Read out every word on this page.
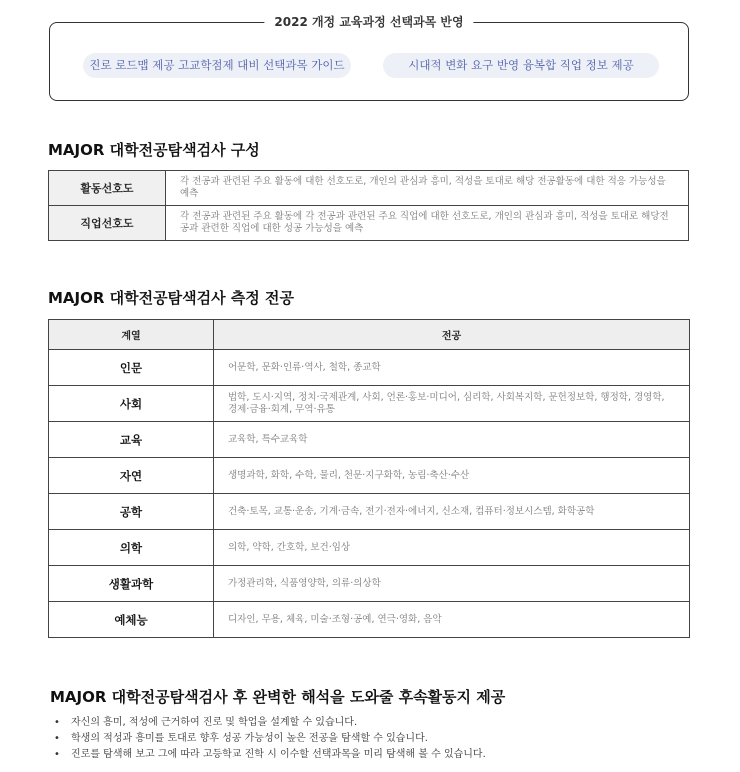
2022 개정 교육과정 선택과목 반영
진로 로드맵 제공 고교학점제 대비 선택과목 가이드	시대적 변화 요구 반영 융복합 직업 정보 제공
MAJOR 대학전공탐색검사 구성
활동선호도	각 전공과 관련된 주요 활동에 대한 선호도로, 개인의 관심과 흥미, 적성을 토대로 해당 전공활동에 대한 적응 가능성을 예측
직업선호도	각 전공과 관련된 주요 활동에 각 전공과 관련된 주요 직업에 대한 선호도로, 개인의 관심과 흥미, 적성을 토대로 해당전공과 관련한 직업에 대한 성공 가능성을 예측
MAJOR 대학전공탐색검사 측정 전공
계열	전공
인문	어문학, 문화·인류·역사, 철학, 종교학
사회	법학, 도시·지역, 정치·국제관계, 사회, 언론·홍보·미디어, 심리학, 사회복지학, 문헌정보학, 행정학, 경영학, 경제·금융·회계, 무역·유통
교육	교육학, 특수교육학
자연	생명과학, 화학, 수학, 물리, 천문·지구화학, 농림·축산·수산
공학	건축·토목, 교통·운송, 기계·금속, 전기·전자·에너지, 신소재, 컴퓨터·정보시스템, 화학공학
의학	의학, 약학, 간호학, 보건·임상
생활과학	가정관리학, 식품영양학, 의류·의상학
예체능	디자인, 무용, 체육, 미술·조형·공예, 연극·영화, 음악
MAJOR 대학전공탐색검사 후 완벽한 해석을 도와줄 후속활동지 제공
• 자신의 흥미, 적성에 근거하여 진로 및 학업을 설계할 수 있습니다.
• 학생의 적성과 흥미를 토대로 향후 성공 가능성이 높은 전공을 탐색할 수 있습니다.
• 진로를 탐색해 보고 그에 따라 고등학교 진학 시 이수할 선택과목을 미리 탐색해 볼 수 있습니다.
